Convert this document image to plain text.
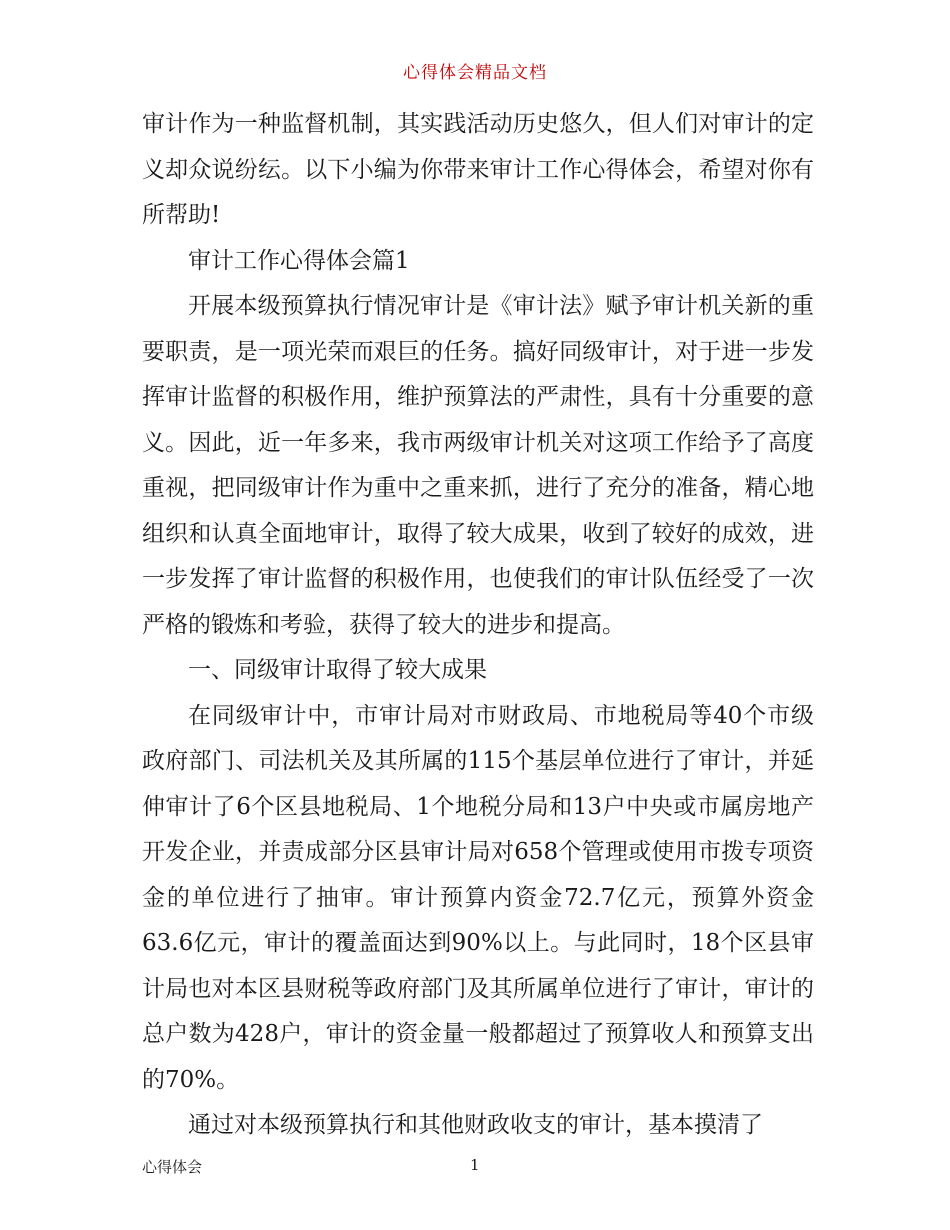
心得体会精品文档

审计作为一种监督机制，其实践活动历史悠久，但人们对审计的定义却众说纷纭。以下小编为你带来审计工作心得体会，希望对你有所帮助!

审计工作心得体会篇1

开展本级预算执行情况审计是《审计法》赋予审计机关新的重要职责，是一项光荣而艰巨的任务。搞好同级审计，对于进一步发挥审计监督的积极作用，维护预算法的严肃性，具有十分重要的意义。因此，近一年多来，我市两级审计机关对这项工作给予了高度重视，把同级审计作为重中之重来抓，进行了充分的准备，精心地组织和认真全面地审计，取得了较大成果，收到了较好的成效，进一步发挥了审计监督的积极作用，也使我们的审计队伍经受了一次严格的锻炼和考验，获得了较大的进步和提高。

一、同级审计取得了较大成果

在同级审计中，市审计局对市财政局、市地税局等40个市级政府部门、司法机关及其所属的115个基层单位进行了审计，并延伸审计了6个区县地税局、1个地税分局和13户中央或市属房地产开发企业，并责成部分区县审计局对658个管理或使用市拨专项资金的单位进行了抽审。审计预算内资金72.7亿元，预算外资金63.6亿元，审计的覆盖面达到90%以上。与此同时，18个区县审计局也对本区县财税等政府部门及其所属单位进行了审计，审计的总户数为428户，审计的资金量一般都超过了预算收人和预算支出的70%。

通过对本级预算执行和其他财政收支的审计，基本摸清了

心得体会	1
